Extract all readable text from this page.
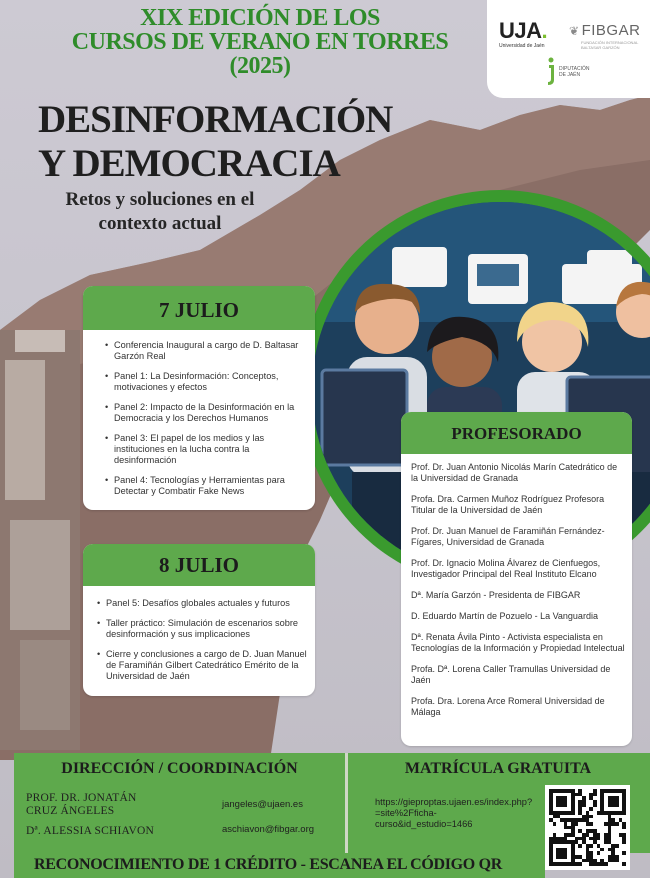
XIX EDICIÓN DE LOS
CURSOS DE VERANO EN TORRES
(2025)
UJA.
Universidad de Jaén
❦ FIBGAR
FUNDACIÓN INTERNACIONAL BALTASAR GARZÓN
DIPUTACIÓN
DE JAÉN
DESINFORMACIÓN
Y DEMOCRACIA
Retos y soluciones en el
contexto actual
7 JULIO
• Conferencia Inaugural a cargo de D. Baltasar Garzón Real
• Panel 1: La Desinformación: Conceptos, motivaciones y efectos
• Panel 2: Impacto de la Desinformación en la Democracia y los Derechos Humanos
• Panel 3: El papel de los medios y las instituciones en la lucha contra la desinformación
• Panel 4: Tecnologías y Herramientas para Detectar y Combatir Fake News
8 JULIO
• Panel 5: Desafíos globales actuales y futuros
• Taller práctico: Simulación de escenarios sobre desinformación y sus implicaciones
• Cierre y conclusiones a cargo de D. Juan Manuel de Faramiñán Gilbert Catedrático Emérito de la Universidad de Jaén
PROFESORADO
Prof. Dr. Juan Antonio Nicolás Marín Catedrático de la Universidad de Granada
Profa. Dra. Carmen Muñoz Rodríguez Profesora Titular de la Universidad de Jaén
Prof. Dr. Juan Manuel de Faramiñán Fernández-Fígares, Universidad de Granada
Prof. Dr. Ignacio Molina Álvarez de Cienfuegos, Investigador Principal del Real Instituto Elcano
Dª. María Garzón - Presidenta de FIBGAR
D. Eduardo Martín de Pozuelo - La Vanguardia
Dª. Renata Ávila Pinto - Activista especialista en Tecnologías de la Información y Propiedad Intelectual
Profa. Dª. Lorena Caller Tramullas Universidad de Jaén
Profa. Dra. Lorena Arce Romeral Universidad de Málaga
DIRECCIÓN / COORDINACIÓN
PROF. DR. JONATÁN
CRUZ ÁNGELES
jangeles@ujaen.es
Dª. ALESSIA SCHIAVON	aschiavon@fibgar.org
MATRÍCULA GRATUITA
https://gieproptas.ujaen.es/index.php?=site%2Fficha-curso&id_estudio=1466
RECONOCIMIENTO DE 1 CRÉDITO - ESCANEA EL CÓDIGO QR
